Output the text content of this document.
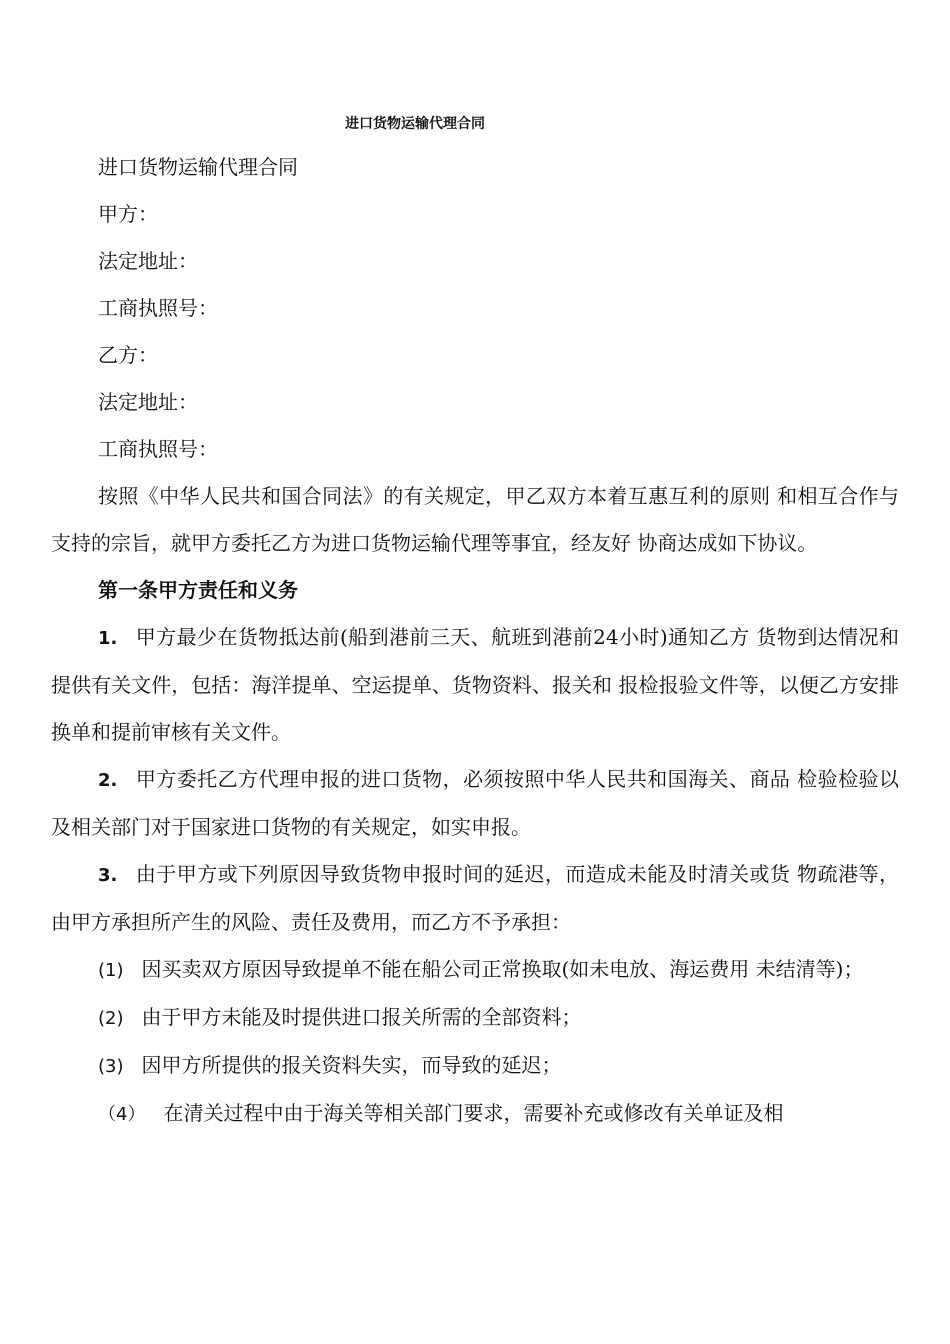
进口货物运输代理合同

进口货物运输代理合同

甲方：

法定地址：

工商执照号：

乙方：

法定地址：

工商执照号：

按照《中华人民共和国合同法》的有关规定，甲乙双方本着互惠互利的原则 和相互合作与支持的宗旨，就甲方委托乙方为进口货物运输代理等事宜，经友好 协商达成如下协议。

第一条甲方责任和义务

1. 甲方最少在货物抵达前(船到港前三天、航班到港前24小时)通知乙方 货物到达情况和提供有关文件，包括：海洋提单、空运提单、货物资料、报关和 报检报验文件等，以便乙方安排换单和提前审核有关文件。

2. 甲方委托乙方代理申报的进口货物，必须按照中华人民共和国海关、商品 检验检验以及相关部门对于国家进口货物的有关规定，如实申报。

3. 由于甲方或下列原因导致货物申报时间的延迟，而造成未能及时清关或货 物疏港等，由甲方承担所产生的风险、责任及费用，而乙方不予承担：

(1) 因买卖双方原因导致提单不能在船公司正常换取(如未电放、海运费用 未结清等)；

(2) 由于甲方未能及时提供进口报关所需的全部资料；

(3) 因甲方所提供的报关资料失实，而导致的延迟；

（4） 在清关过程中由于海关等相关部门要求，需要补充或修改有关单证及相
